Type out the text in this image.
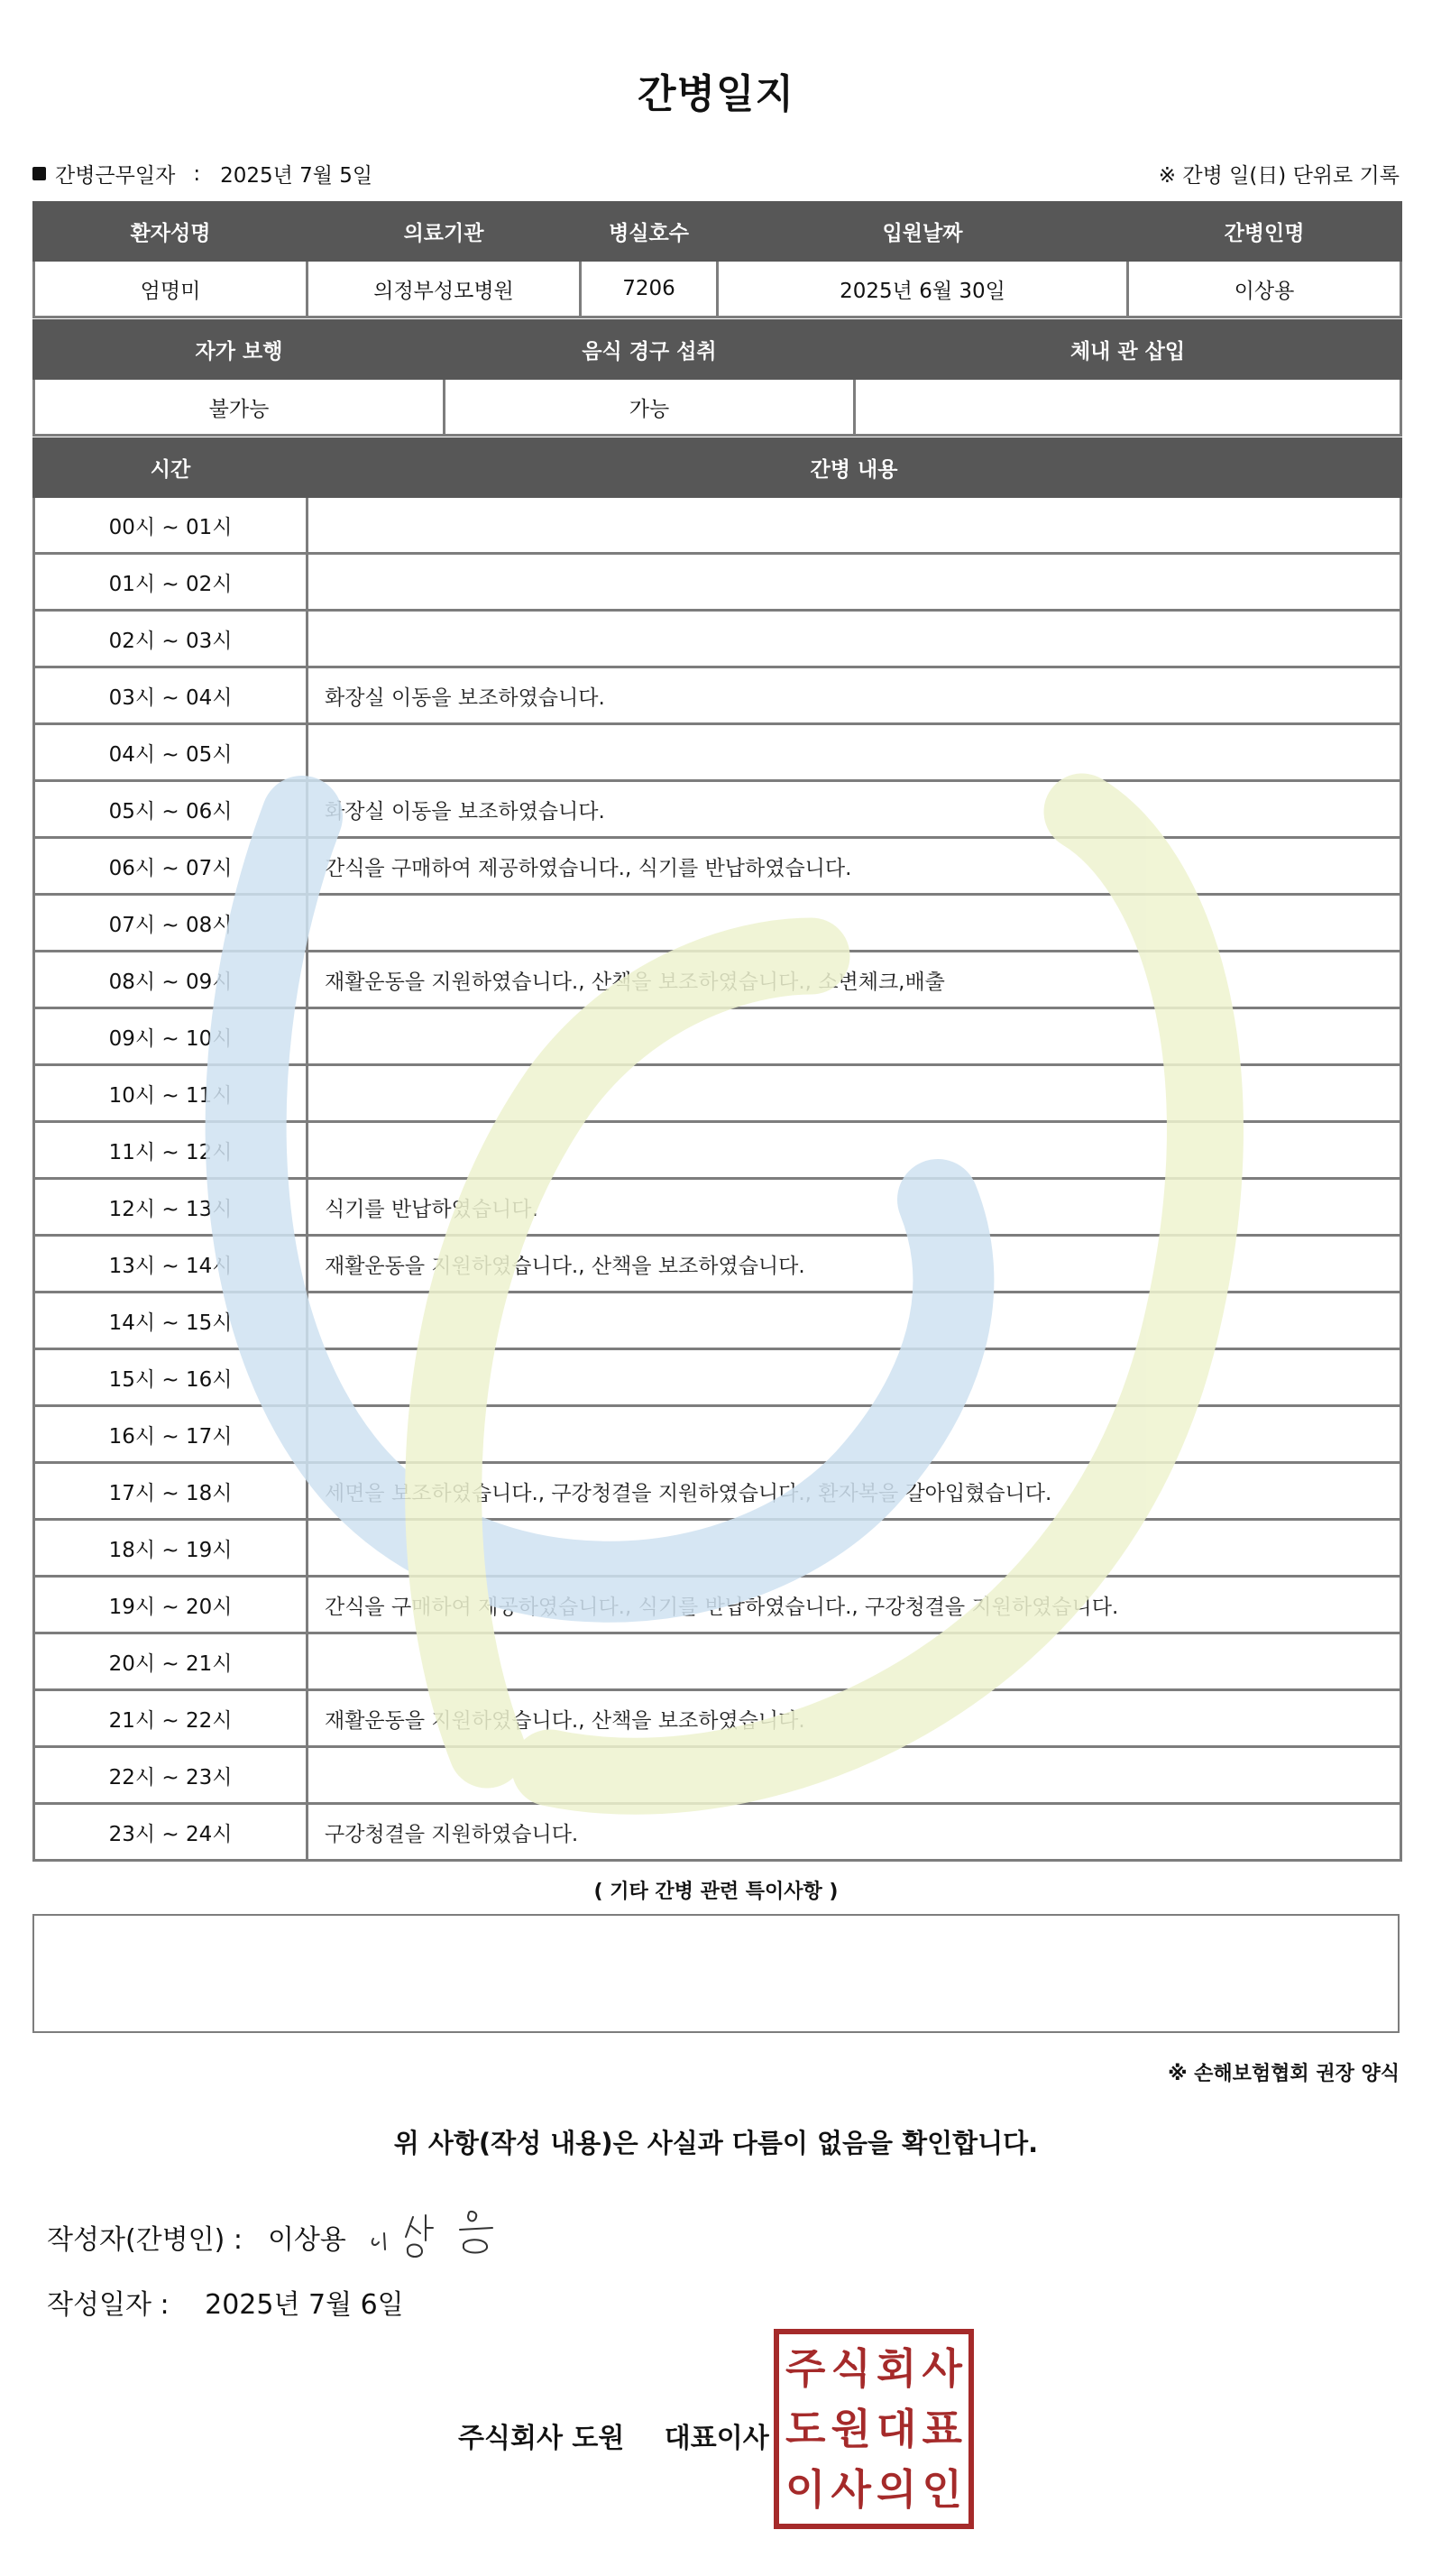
간병일지
간병근무일자 : 2025년 7월 5일	※ 간병 일(日) 단위로 기록
환자성명	의료기관	병실호수	입원날짜	간병인명
엄명미	의정부성모병원	7206	2025년 6월 30일	이상용
자가 보행	음식 경구 섭취	체내 관 삽입
불가능	가능	
시간	간병 내용
00시 ~ 01시	
01시 ~ 02시	
02시 ~ 03시	
03시 ~ 04시	화장실 이동을 보조하였습니다.
04시 ~ 05시	
05시 ~ 06시	화장실 이동을 보조하였습니다.
06시 ~ 07시	간식을 구매하여 제공하였습니다., 식기를 반납하였습니다.
07시 ~ 08시	
08시 ~ 09시	재활운동을 지원하였습니다., 산책을 보조하였습니다., 소변체크,배출
09시 ~ 10시	
10시 ~ 11시	
11시 ~ 12시	
12시 ~ 13시	식기를 반납하였습니다.
13시 ~ 14시	재활운동을 지원하였습니다., 산책을 보조하였습니다.
14시 ~ 15시	
15시 ~ 16시	
16시 ~ 17시	
17시 ~ 18시	세면을 보조하였습니다., 구강청결을 지원하였습니다., 환자복을 갈아입혔습니다.
18시 ~ 19시	
19시 ~ 20시	간식을 구매하여 제공하였습니다., 식기를 반납하였습니다., 구강청결을 지원하였습니다.
20시 ~ 21시	
21시 ~ 22시	재활운동을 지원하였습니다., 산책을 보조하였습니다.
22시 ~ 23시	
23시 ~ 24시	구강청결을 지원하였습니다.
( 기타 간병 관련 특이사항 )
※ 손해보험협회 권장 양식
위 사항(작성 내용)은 사실과 다름이 없음을 확인합니다.
작성자(간병인) : 이상용
작성일자 : 2025년 7월 6일
주식회사 도원 대표이사
주 식 회 사
도 원 대 표
이 사 의 인
